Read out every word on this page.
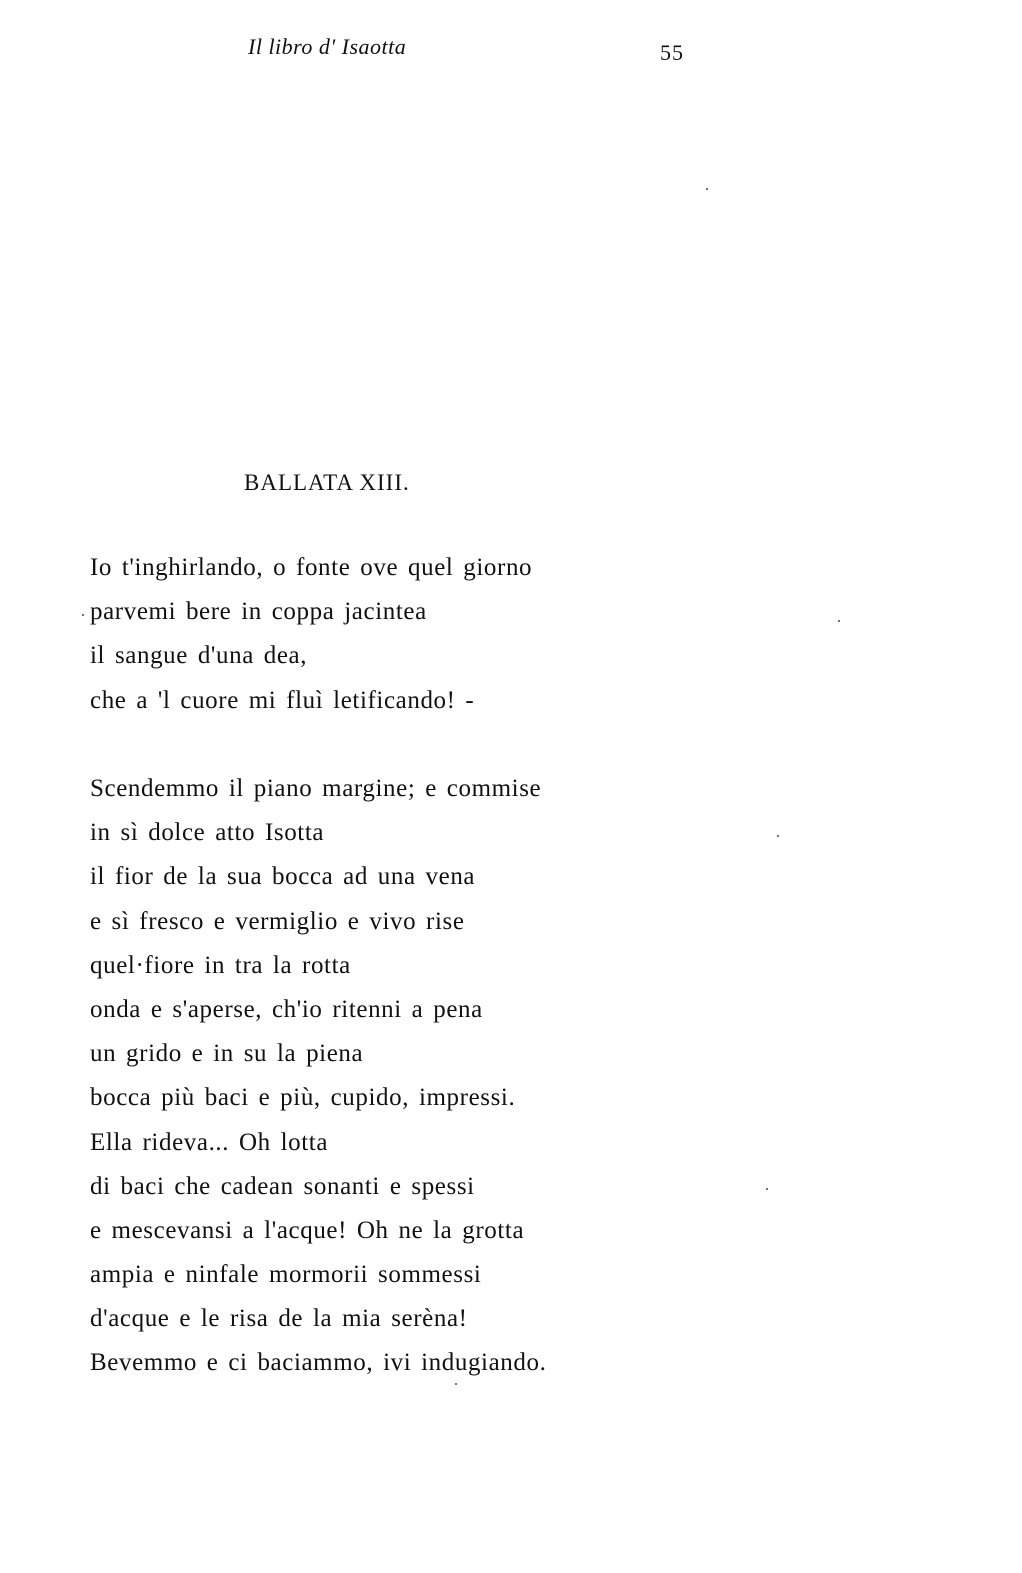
Il libro d' Isaotta	55
BALLATA XIII.
Io t'inghirlando, o fonte ove quel giorno
parvemi bere in coppa jacintea
il sangue d'una dea,
che a 'l cuore mi fluì letificando! -
Scendemmo il piano margine; e commise
in sì dolce atto Isotta
il fior de la sua bocca ad una vena
e sì fresco e vermiglio e vivo rise
quel·fiore in tra la rotta
onda e s'aperse, ch'io ritenni a pena
un grido e in su la piena
bocca più baci e più, cupido, impressi.
Ella rideva... Oh lotta
di baci che cadean sonanti e spessi
e mescevansi a l'acque! Oh ne la grotta
ampia e ninfale mormorii sommessi
d'acque e le risa de la mia serèna!
Bevemmo e ci baciammo, ivi indugiando.
